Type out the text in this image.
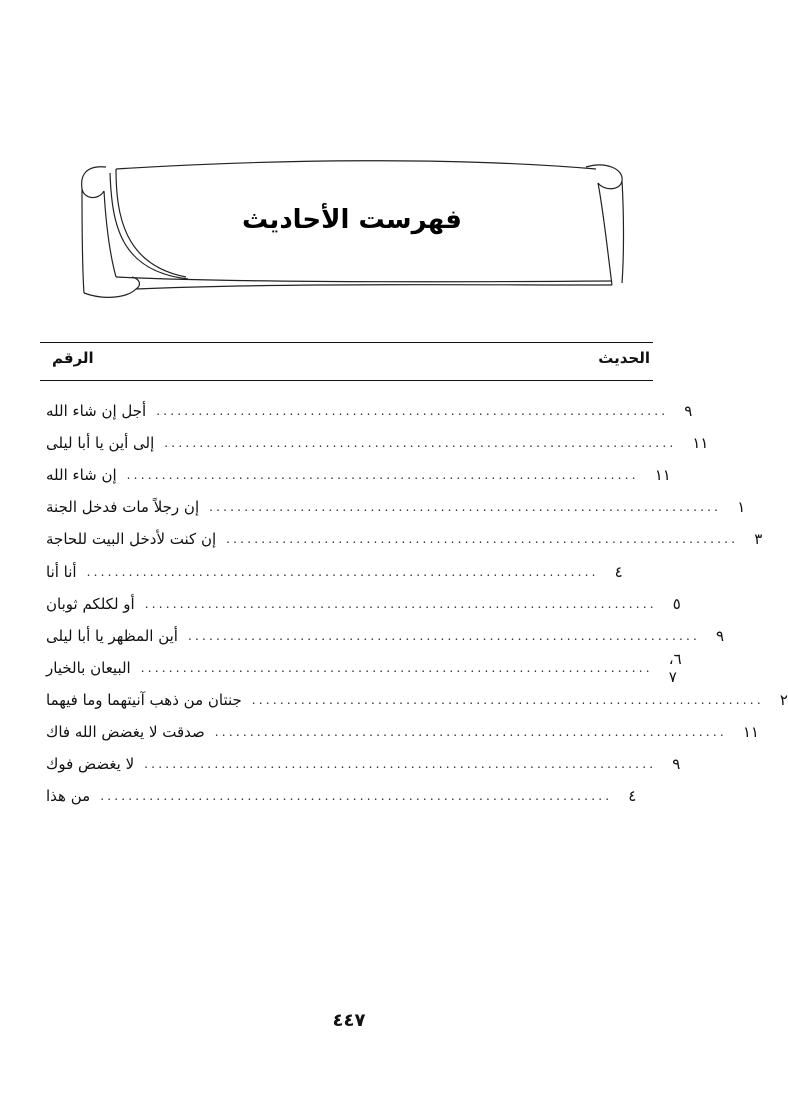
فهرست الأحاديث
الحديث
الرقم
أجل إن شاء الله .........................................................................	٩
إلى أين يا أبا ليلى .........................................................................	١١
إن شاء الله .........................................................................	١١
إن رجلاً مات فدخل الجنة .........................................................................	١
إن كنت لأدخل البيت للحاجة .........................................................................	٣
أنا أنا .........................................................................	٤
أو لكلكم ثوبان .........................................................................	٥
أين المظهر يا أبا ليلى .........................................................................	٩
البيعان بالخيار .........................................................................	٦، ٧
جنتان من ذهب آنيتهما وما فيهما .........................................................................	٢
صدقت لا يغضض الله فاك .........................................................................	١١
لا يغضض فوك .........................................................................	٩
من هذا .........................................................................	٤
٤٤٧
